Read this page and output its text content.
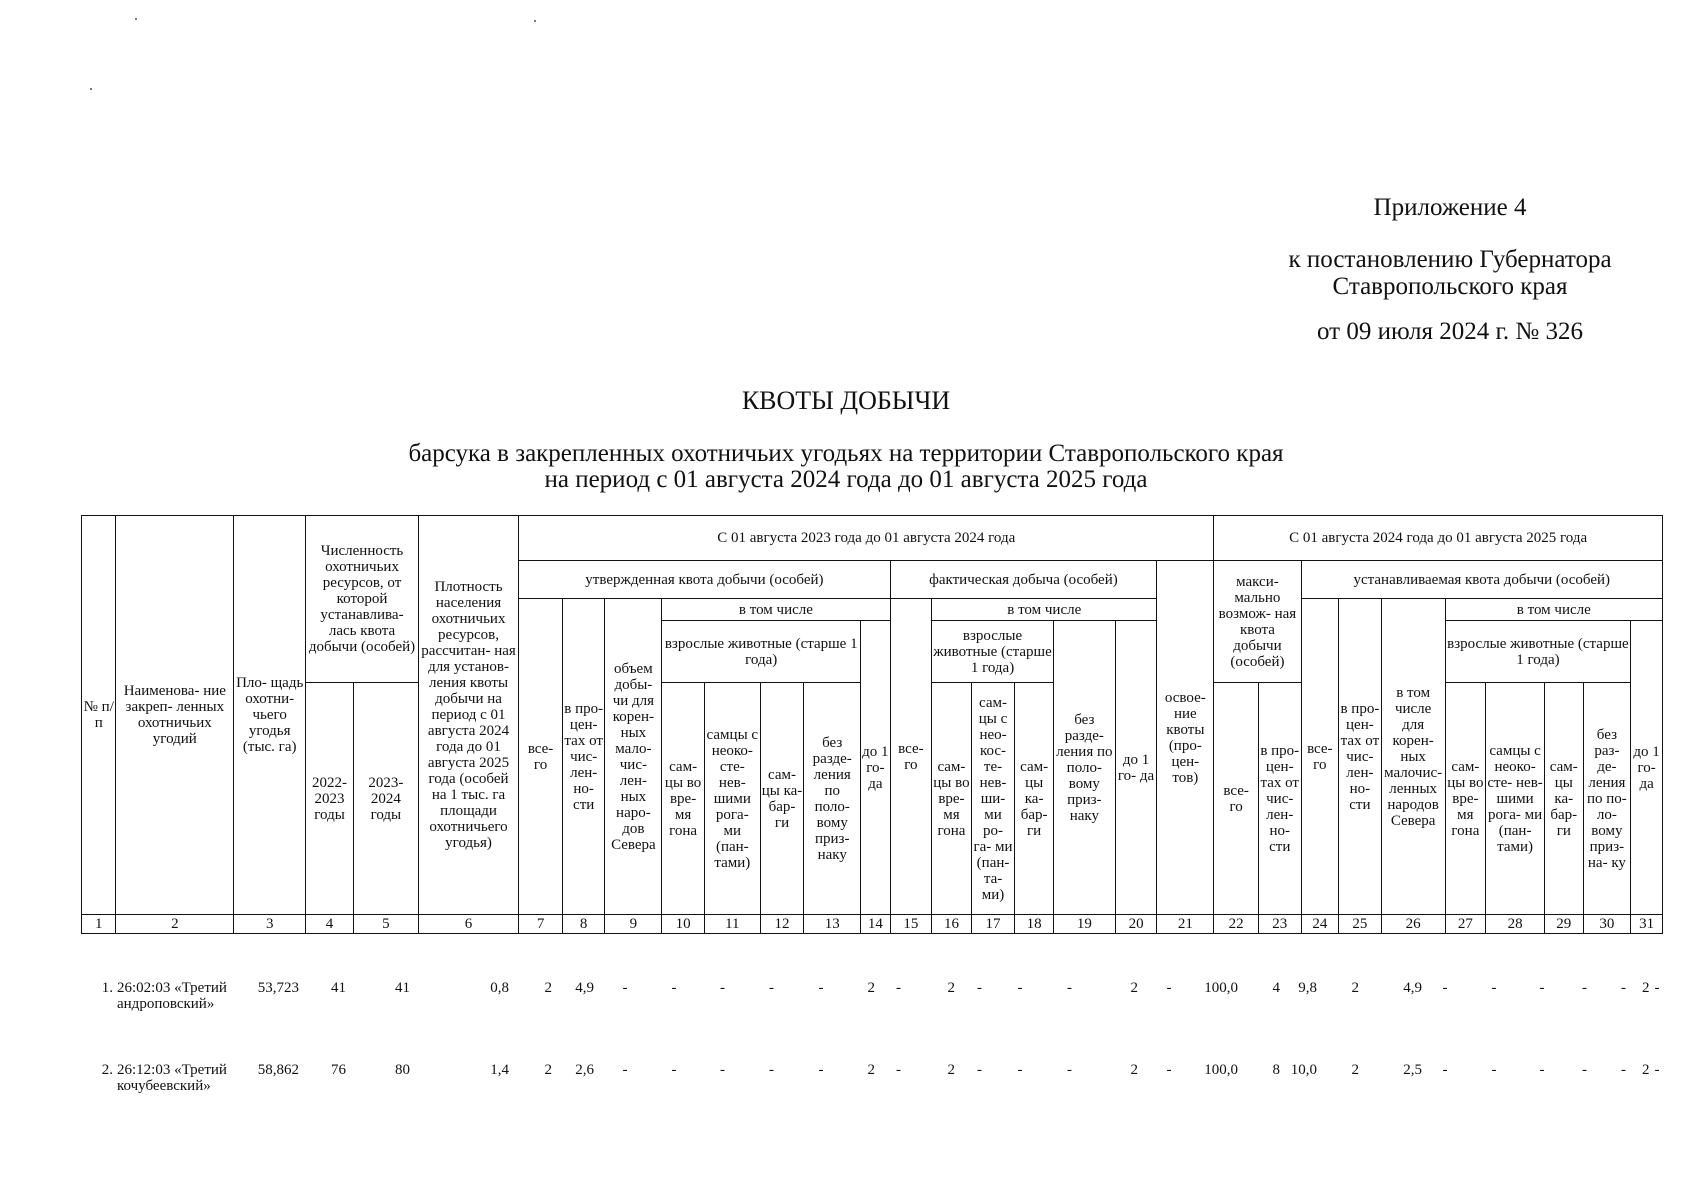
Приложение 4
к постановлению Губернатора
Ставропольского края
от 09 июля 2024 г. № 326
КВОТЫ ДОБЫЧИ
барсука в закрепленных охотничьих угодьях на территории Ставропольского края
на период с 01 августа 2024 года до 01 августа 2025 года
№ п/п	Наименова- ние закреп- ленных охотничьих угодий	Пло- щадь охотни- чьего угодья (тыс. га)	Численность охотничьих ресурсов, от которой устанавлива- лась квота добычи (особей)		Плотность населения охотничьих ресурсов, рассчитан- ная для установ- ления квоты добычи на период с 01 августа 2024 года до 01 августа 2025 года (особей на 1 тыс. га площади охотничьего угодья)	С 01 августа 2023 года до 01 августа 2024 года															С 01 августа 2024 года до 01 августа 2025 года									
						утвержденная квота добычи (особей)								фактическая добыча (особей)						освое- ние квоты (про- цен- тов)	макси- мально возмож- ная квота добычи (особей)		устанавливаемая квота добычи (особей)							
						все- го	в про- цен- тах от чис- лен- но- сти	объем добы- чи для корен- ных мало- чис- лен- ных наро- дов Севера	в том числе					все- го	в том числе								все- го	в про- цен- тах от чис- лен- но- сти	в том числе для корен- ных малочис- ленных народов Севера	в том числе				
									взрослые животные (старше 1 года)				до 1 го- да		взрослые животные (старше 1 года)			без разде- ления по поло- вому приз- наку	до 1 го- да							взрослые животные (старше 1 года)				до 1 го- да
			2022- 2023 годы	2023- 2024 годы					сам- цы во вре- мя гона	самцы с неоко- сте- нев- шими рога- ми (пан- тами)	сам- цы ка- бар- ги	без разде- ления по поло- вому приз- наку			сам- цы во вре- мя гона	сам- цы с нео- кос- те- нев- ши- ми ро- га- ми (пан- та- ми)	сам- цы ка- бар- ги				все- го	в про- цен- тах от чис- лен- но- сти				сам- цы во вре- мя гона	самцы с неоко- сте- нев- шими рога- ми (пан- тами)	сам- цы ка- бар- ги	без раз- де- ления по по- ло- вому приз- на- ку	

1	2	3	4	5	6	7	8	9	10	11	12	13	14	15	16	17	18	19	20	21	22	23	24	25	26	27	28	29	30	31
1.	26:02:03 «Третий андроповский»	53,723	41	41	0,8	2	4,9	-	-	-	-	-	2	-	2	-	-	-	2	-	100,0	4	9,8	2	4,9	-	-	-	-	-	2	-
2.	26:12:03 «Третий кочубеевский»	58,862	76	80	1,4	2	2,6	-	-	-	-	-	2	-	2	-	-	-	2	-	100,0	8	10,0	2	2,5	-	-	-	-	-	2	-
